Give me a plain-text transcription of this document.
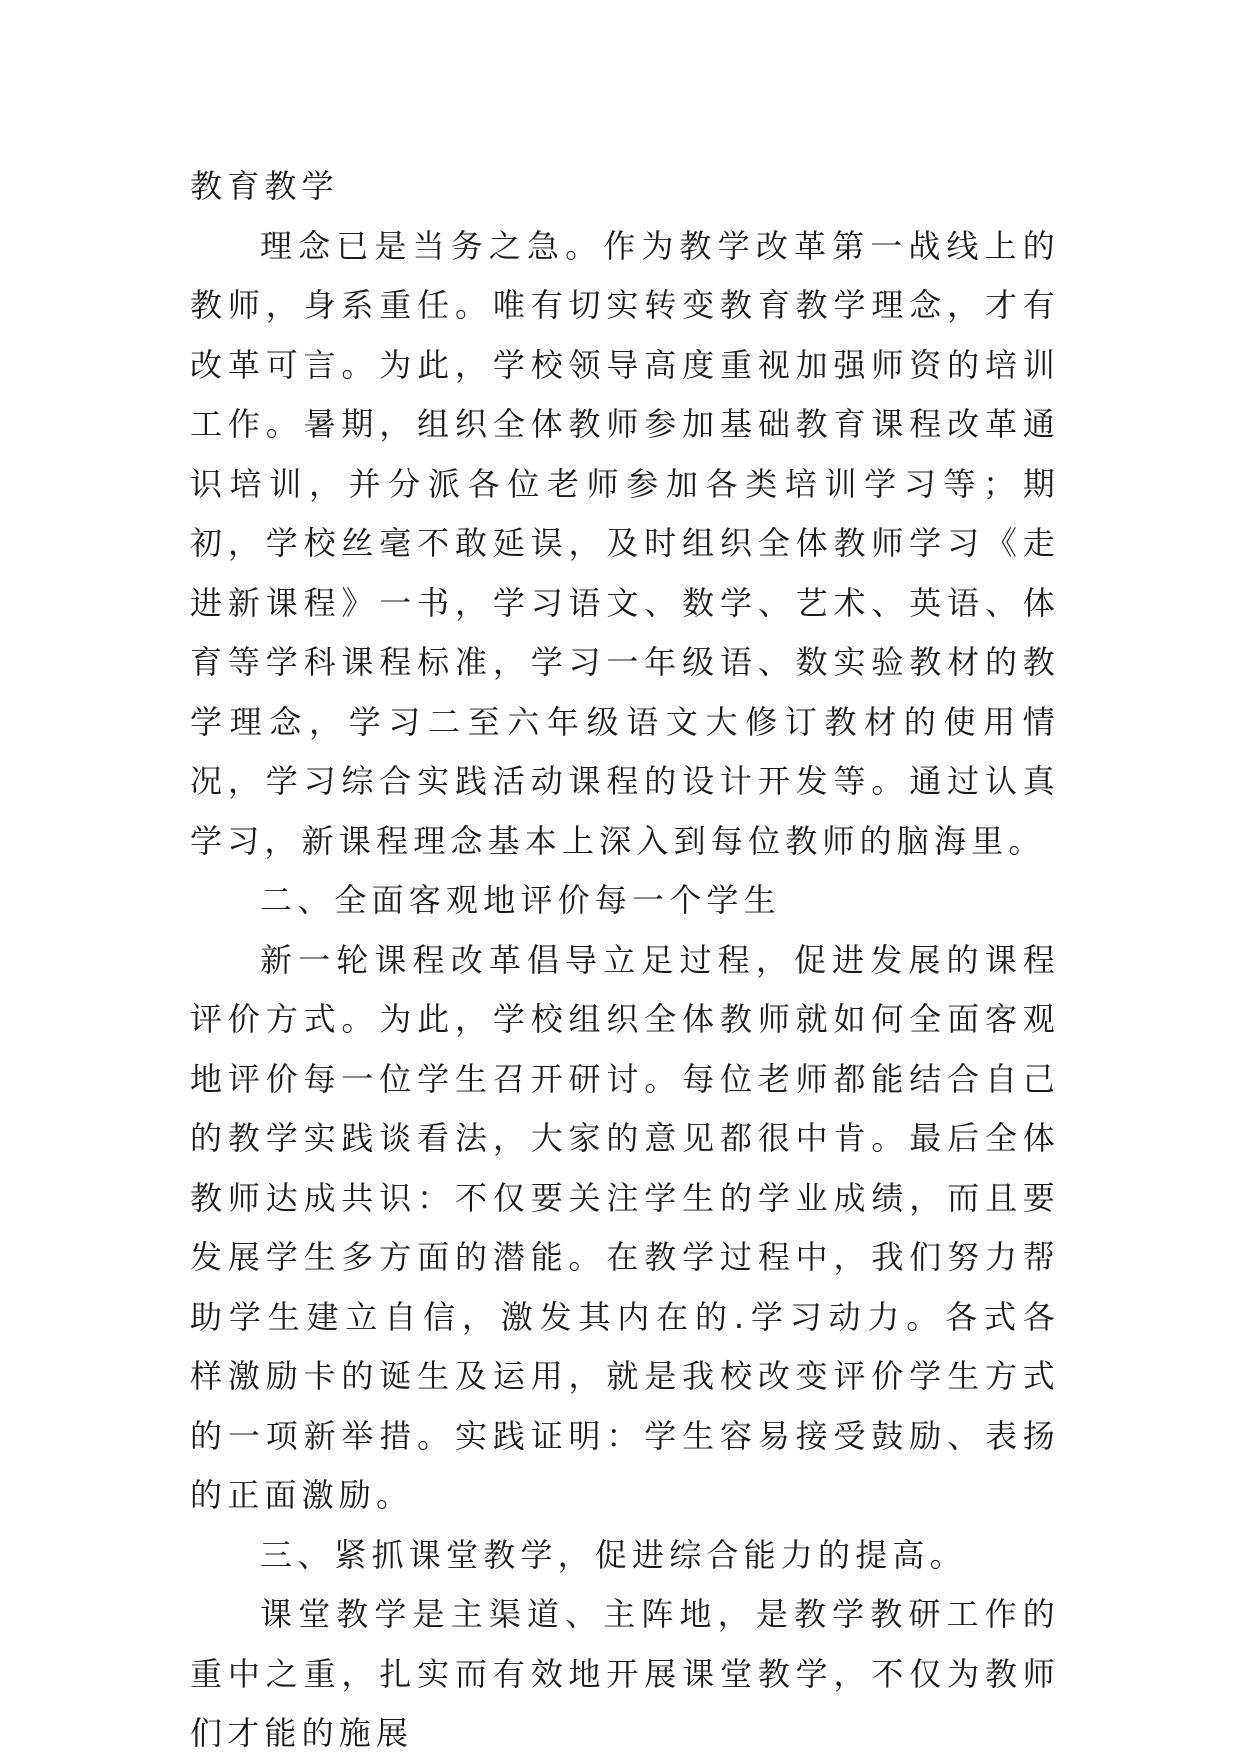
教育教学

理念已是当务之急。作为教学改革第一战线上的教师，身系重任。唯有切实转变教育教学理念，才有改革可言。为此，学校领导高度重视加强师资的培训工作。暑期，组织全体教师参加基础教育课程改革通识培训，并分派各位老师参加各类培训学习等；期初，学校丝毫不敢延误，及时组织全体教师学习《走进新课程》一书，学习语文、数学、艺术、英语、体育等学科课程标准，学习一年级语、数实验教材的教学理念，学习二至六年级语文大修订教材的使用情况，学习综合实践活动课程的设计开发等。通过认真学习，新课程理念基本上深入到每位教师的脑海里。

二、全面客观地评价每一个学生

新一轮课程改革倡导立足过程，促进发展的课程评价方式。为此，学校组织全体教师就如何全面客观地评价每一位学生召开研讨。每位老师都能结合自己的教学实践谈看法，大家的意见都很中肯。最后全体教师达成共识：不仅要关注学生的学业成绩，而且要发展学生多方面的潜能。在教学过程中，我们努力帮助学生建立自信，激发其内在的.学习动力。各式各样激励卡的诞生及运用，就是我校改变评价学生方式的一项新举措。实践证明：学生容易接受鼓励、表扬的正面激励。

三、紧抓课堂教学，促进综合能力的提高。

课堂教学是主渠道、主阵地，是教学教研工作的重中之重，扎实而有效地开展课堂教学，不仅为教师们才能的施展
